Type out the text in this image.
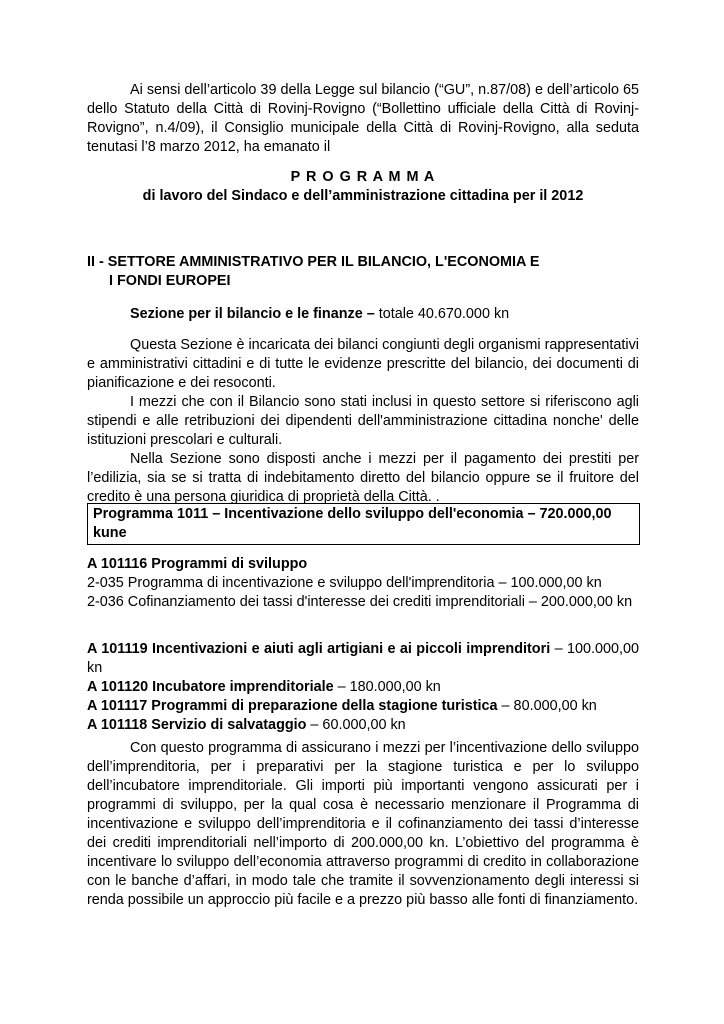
Ai sensi dell’articolo 39 della Legge sul bilancio (“GU”, n.87/08) e dell’articolo 65 dello Statuto della Città di Rovinj-Rovigno (“Bollettino ufficiale della Città di Rovinj-Rovigno”, n.4/09), il Consiglio municipale della Città di Rovinj-Rovigno, alla seduta tenutasi l’8 marzo 2012, ha emanato il

P R O G R A M M A

di lavoro del Sindaco e dell’amministrazione cittadina per il 2012

II - SETTORE AMMINISTRATIVO PER IL BILANCIO, L'ECONOMIA E
I FONDI EUROPEI

Sezione per il bilancio e le finanze – totale 40.670.000 kn

Questa Sezione è incaricata dei bilanci congiunti degli organismi rappresentativi e amministrativi cittadini e di tutte le evidenze prescritte del bilancio, dei documenti di pianificazione e dei resoconti.

I mezzi che con il Bilancio sono stati inclusi in questo settore si riferiscono agli stipendi e alle retribuzioni dei dipendenti dell'amministrazione cittadina nonche' delle istituzioni prescolari e culturali.

Nella Sezione sono disposti anche i mezzi per il pagamento dei prestiti per l’edilizia, sia se si tratta di indebitamento diretto del bilancio oppure se il fruitore del credito è una persona giuridica di proprietà della Città. .

Programma 1011 – Incentivazione dello sviluppo dell'economia – 720.000,00 kune

A 101116 Programmi di sviluppo

2-035 Programma di incentivazione e sviluppo dell'imprenditoria – 100.000,00 kn

2-036 Cofinanziamento dei tassi d'interesse dei crediti imprenditoriali – 200.000,00 kn

A 101119 Incentivazioni e aiuti agli artigiani e ai piccoli imprenditori – 100.000,00 kn

A 101120 Incubatore imprenditoriale – 180.000,00 kn

A 101117 Programmi di preparazione della stagione turistica – 80.000,00 kn

A 101118 Servizio di salvataggio – 60.000,00 kn

Con questo programma di assicurano i mezzi per l’incentivazione dello sviluppo dell’imprenditoria, per i preparativi per la stagione turistica e per lo sviluppo dell’incubatore imprenditoriale. Gli importi più importanti vengono assicurati per i programmi di sviluppo, per la qual cosa è necessario menzionare il Programma di incentivazione e sviluppo dell’imprenditoria e il cofinanziamento dei tassi d’interesse dei crediti imprenditoriali nell’importo di 200.000,00 kn. L’obiettivo del programma è incentivare lo sviluppo dell’economia attraverso programmi di credito in collaborazione con le banche d’affari, in modo tale che tramite il sovvenzionamento degli interessi si renda possibile un approccio più facile e a prezzo più basso alle fonti di finanziamento.
